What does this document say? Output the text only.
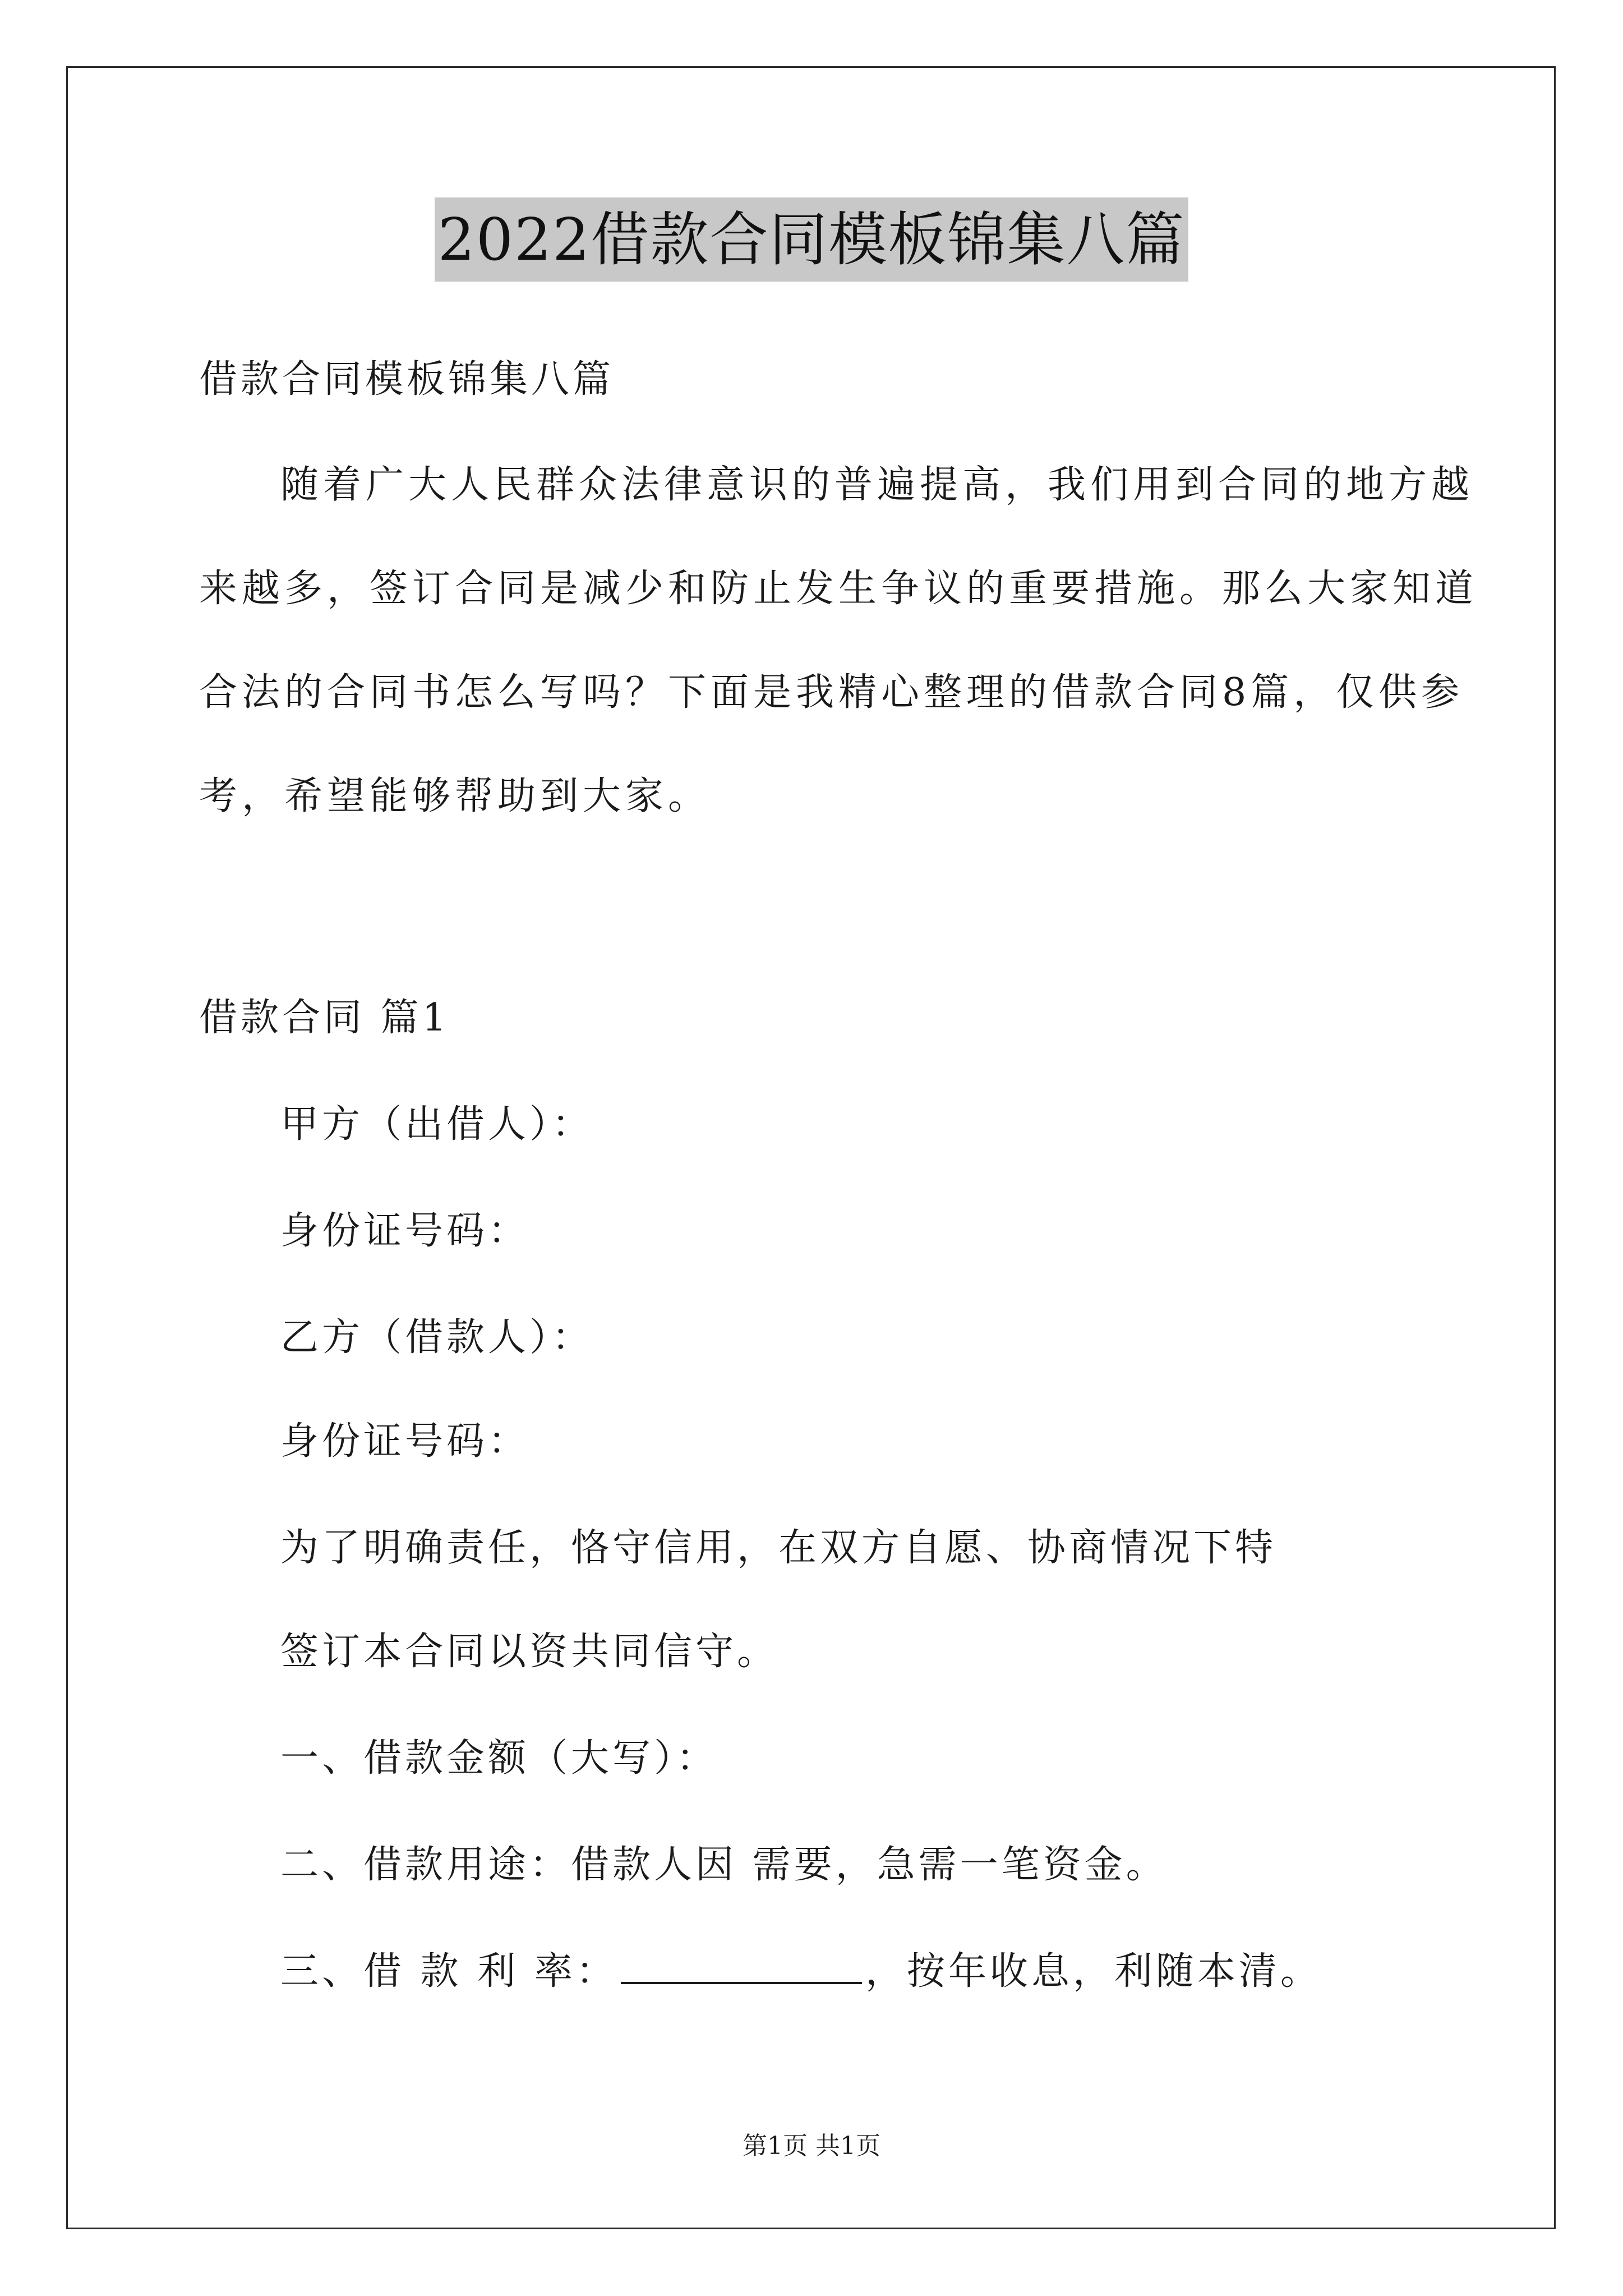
2022借款合同模板锦集八篇
借款合同模板锦集八篇
随着广大人民群众法律意识的普遍提高，我们用到合同的地方越
来越多，签订合同是减少和防止发生争议的重要措施。那么大家知道
合法的合同书怎么写吗？下面是我精心整理的借款合同8篇，仅供参
考，希望能够帮助到大家。
借款合同 篇1
甲方（出借人）：
身份证号码：
乙方（借款人）：
身份证号码：
为了明确责任，恪守信用，在双方自愿、协商情况下特
签订本合同以资共同信守。
一、借款金额（大写）：
二、借款用途：借款人因 需要，急需一笔资金。
三、借 款 利 率：	，按年收息，利随本清。
第1页 共1页
